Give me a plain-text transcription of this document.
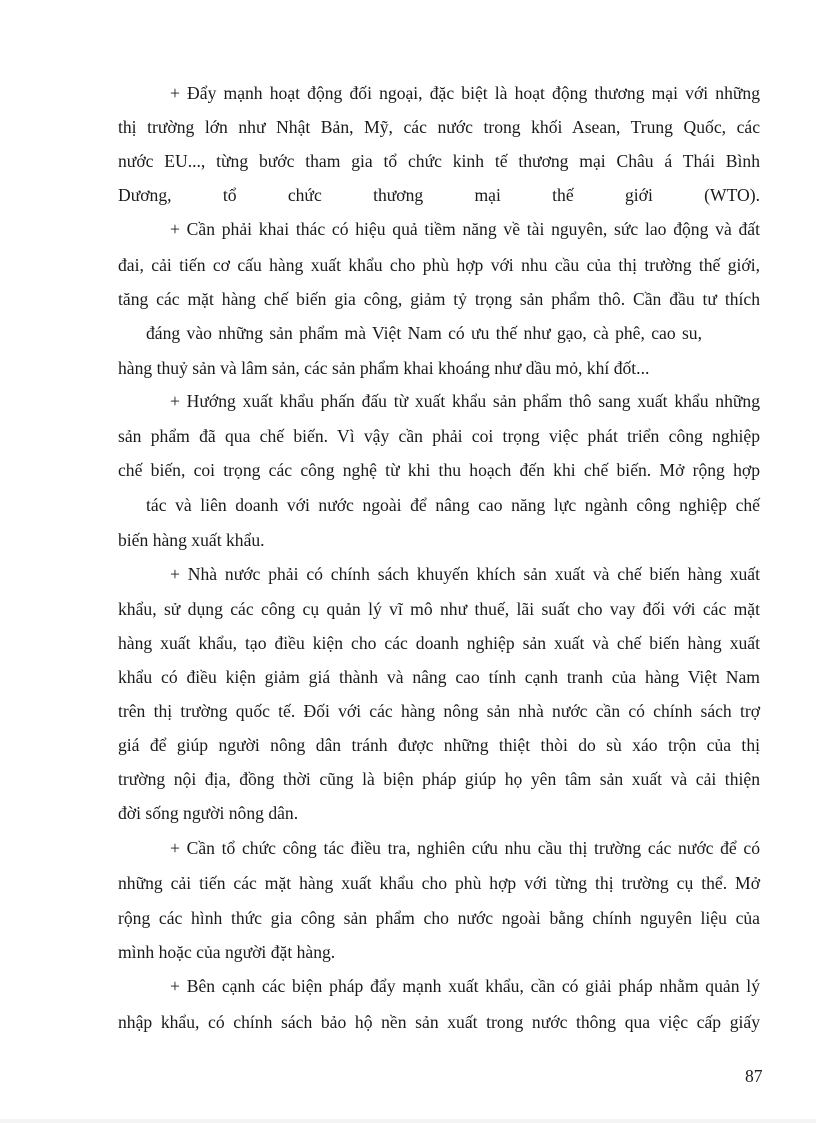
+ Đẩy mạnh hoạt động đối ngoại, đặc biệt là hoạt động thương mại với những
thị trường lớn như Nhật Bản, Mỹ, các nước trong khối Asean, Trung Quốc, các
nước EU..., từng bước tham gia tổ chức kinh tế thương mại Châu á Thái Bình
Dương, tổ chức thương mại thế giới (WTO).
+ Cần phải khai thác có hiệu quả tiềm năng về tài nguyên, sức lao động và đất
đai, cải tiến cơ cấu hàng xuất khẩu cho phù hợp với nhu cầu của thị trường thế giới,
tăng các mặt hàng chế biến gia công, giảm tỷ trọng sản phẩm thô. Cần đầu tư thích
đáng vào những sản phẩm mà Việt Nam có ưu thế như gạo, cà phê, cao su,
hàng thuỷ sản và lâm sản, các sản phẩm khai khoáng như dầu mỏ, khí đốt...
+ Hướng xuất khẩu phấn đấu từ xuất khẩu sản phẩm thô sang xuất khẩu những
sản phẩm đã qua chế biến. Vì vậy cần phải coi trọng việc phát triển công nghiệp
chế biến, coi trọng các công nghệ từ khi thu hoạch đến khi chế biến. Mở rộng hợp
tác và liên doanh với nước ngoài để nâng cao năng lực ngành công nghiệp chế
biến hàng xuất khẩu.
+ Nhà nước phải có chính sách khuyến khích sản xuất và chế biến hàng xuất
khẩu, sử dụng các công cụ quản lý vĩ mô như thuế, lãi suất cho vay đối với các mặt
hàng xuất khẩu, tạo điều kiện cho các doanh nghiệp sản xuất và chế biến hàng xuất
khẩu có điều kiện giảm giá thành và nâng cao tính cạnh tranh của hàng Việt Nam
trên thị trường quốc tế. Đối với các hàng nông sản nhà nước cần có chính sách trợ
giá để giúp người nông dân tránh được những thiệt thòi do sù xáo trộn của thị
trường nội địa, đồng thời cũng là biện pháp giúp họ yên tâm sản xuất và cải thiện
đời sống người nông dân.
+ Cần tổ chức công tác điều tra, nghiên cứu nhu cầu thị trường các nước để có
những cải tiến các mặt hàng xuất khẩu cho phù hợp với từng thị trường cụ thể. Mở
rộng các hình thức gia công sản phẩm cho nước ngoài bằng chính nguyên liệu của
mình hoặc của người đặt hàng.
+ Bên cạnh các biện pháp đẩy mạnh xuất khẩu, cần có giải pháp nhằm quản lý
nhập khẩu, có chính sách bảo hộ nền sản xuất trong nước thông qua việc cấp giấy
87
